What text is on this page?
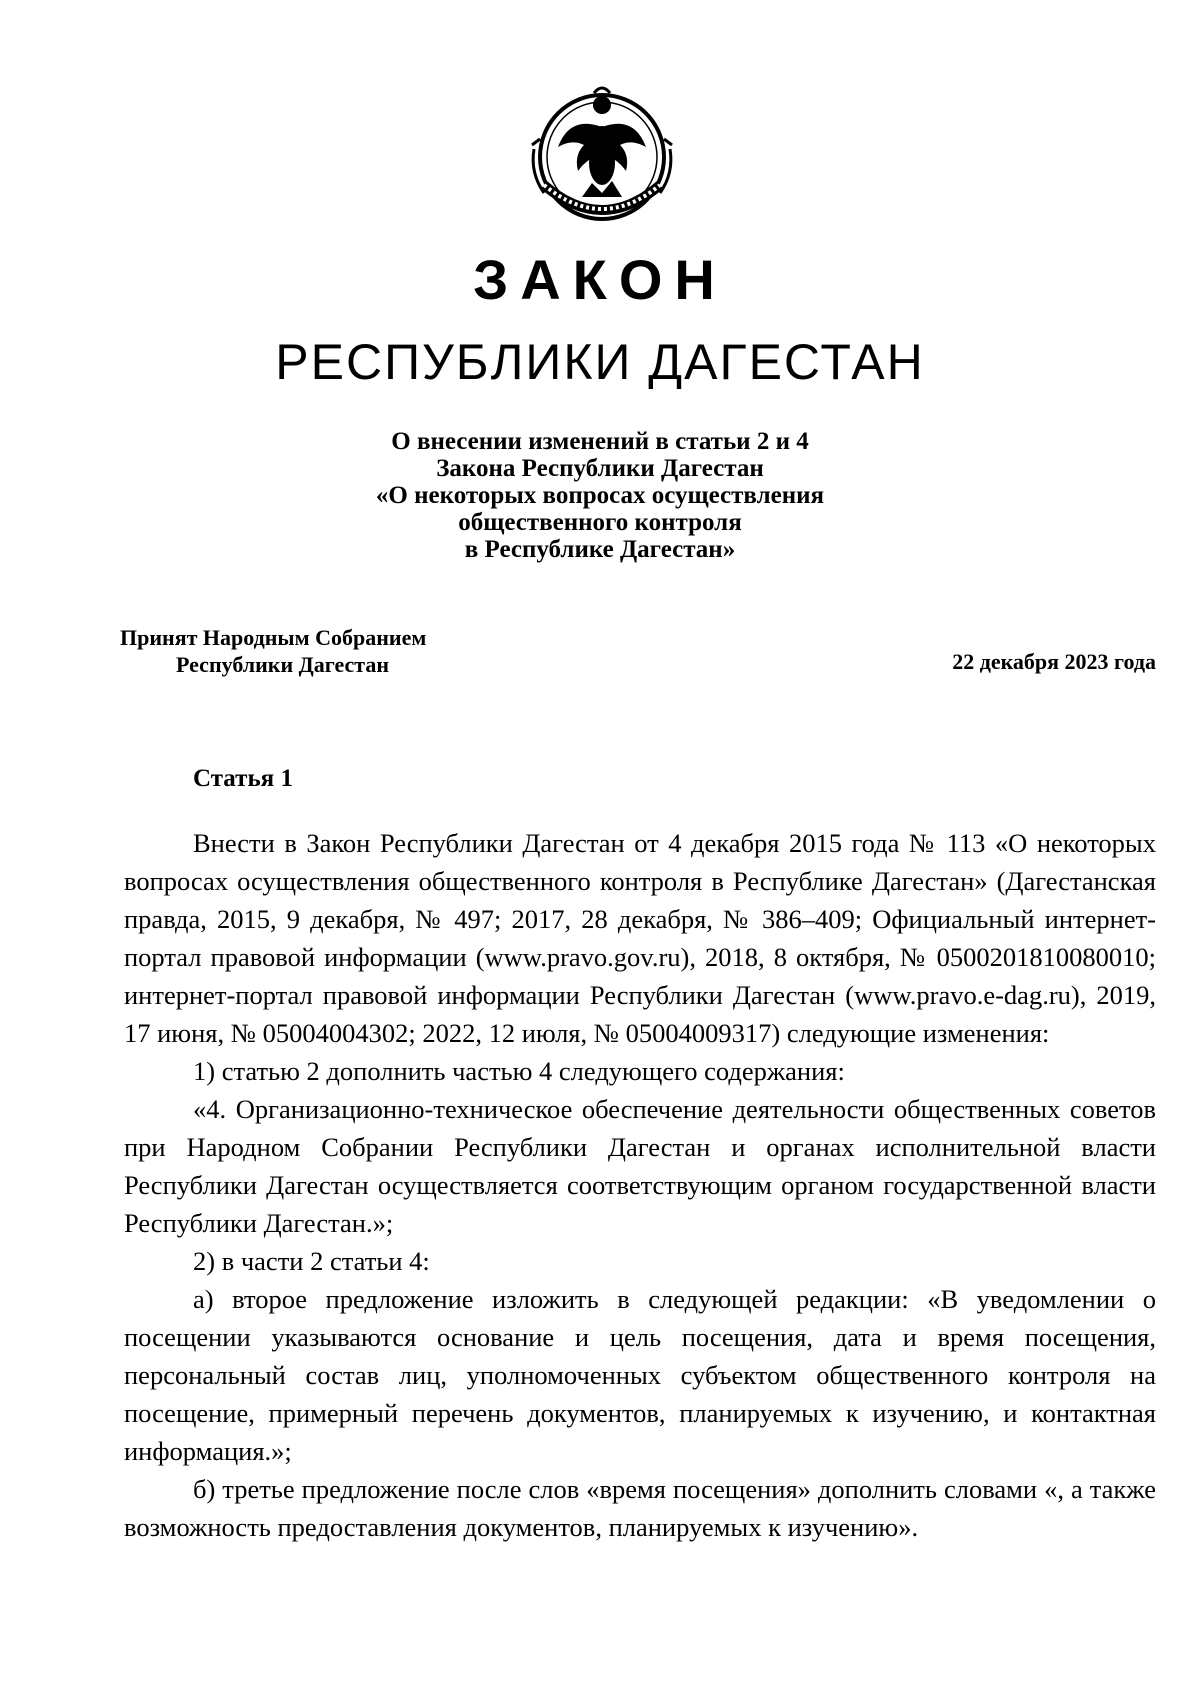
ЗАКОН
РЕСПУБЛИКИ ДАГЕСТАН
О внесении изменений в статьи 2 и 4
Закона Республики Дагестан
«О некоторых вопросах осуществления
общественного контроля
в Республике Дагестан»
Принят Народным Собранием
Республики Дагестан	22 декабря 2023 года
Статья 1

Внести в Закон Республики Дагестан от 4 декабря 2015 года № 113 «О некоторых вопросах осуществления общественного контроля в Республике Дагестан» (Дагестанская правда, 2015, 9 декабря, № 497; 2017, 28 декабря, № 386–409; Официальный интернет-портал правовой информации (www.pravo.gov.ru), 2018, 8 октября, № 0500201810080010; интернет-портал правовой информации Республики Дагестан (www.pravo.e-dag.ru), 2019, 17 июня, № 05004004302; 2022, 12 июля, № 05004009317) следующие изменения:

1) статью 2 дополнить частью 4 следующего содержания:

«4. Организационно-техническое обеспечение деятельности общественных советов при Народном Собрании Республики Дагестан и органах исполнительной власти Республики Дагестан осуществляется соответствующим органом государственной власти Республики Дагестан.»;

2) в части 2 статьи 4:

а) второе предложение изложить в следующей редакции: «В уведомлении о посещении указываются основание и цель посещения, дата и время посещения, персональный состав лиц, уполномоченных субъектом общественного контроля на посещение, примерный перечень документов, планируемых к изучению, и контактная информация.»;

б) третье предложение после слов «время посещения» дополнить словами «, а также возможность предоставления документов, планируемых к изучению».
